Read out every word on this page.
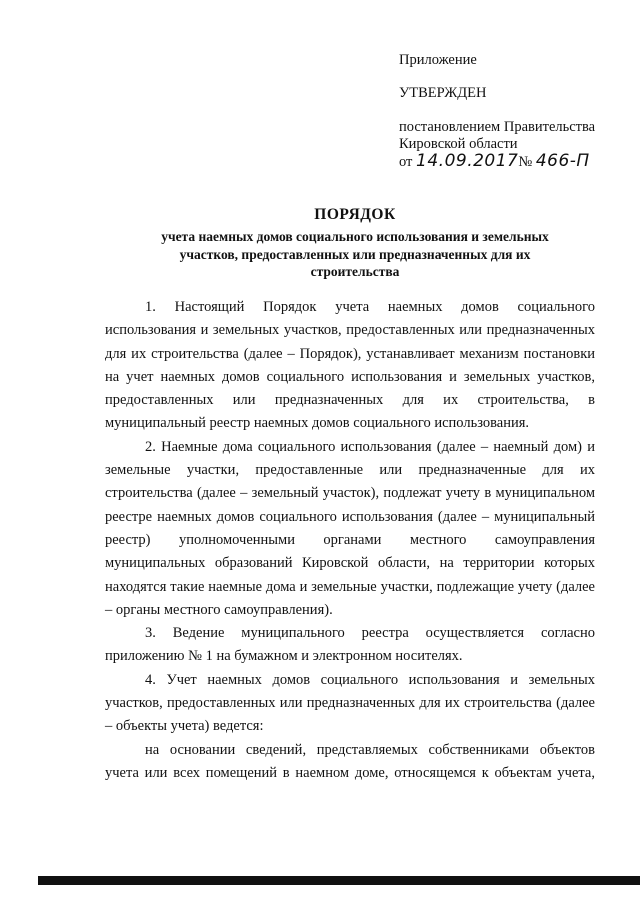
Приложение
УТВЕРЖДЕН
постановлением Правительства
Кировской области
от 14.09.2017№ 466-П
ПОРЯДОК
учета наемных домов социального использования и земельных участков, предоставленных или предназначенных для их строительства

1. Настоящий Порядок учета наемных домов социального использования и земельных участков, предоставленных или предназначенных для их строительства (далее – Порядок), устанавливает механизм постановки на учет наемных домов социального использования и земельных участков, предоставленных или предназначенных для их строительства, в муниципальный реестр наемных домов социального использования.

2. Наемные дома социального использования (далее – наемный дом) и земельные участки, предоставленные или предназначенные для их строительства (далее – земельный участок), подлежат учету в муниципальном реестре наемных домов социального использования (далее – муниципальный реестр) уполномоченными органами местного самоуправления муниципальных образований Кировской области, на территории которых находятся такие наемные дома и земельные участки, подлежащие учету (далее – органы местного самоуправления).

3. Ведение муниципального реестра осуществляется согласно приложению № 1 на бумажном и электронном носителях.

4. Учет наемных домов социального использования и земельных участков, предоставленных или предназначенных для их строительства (далее – объекты учета) ведется:

на основании сведений, представляемых собственниками объектов учета или всех помещений в наемном доме, относящемся к объектам учета,
